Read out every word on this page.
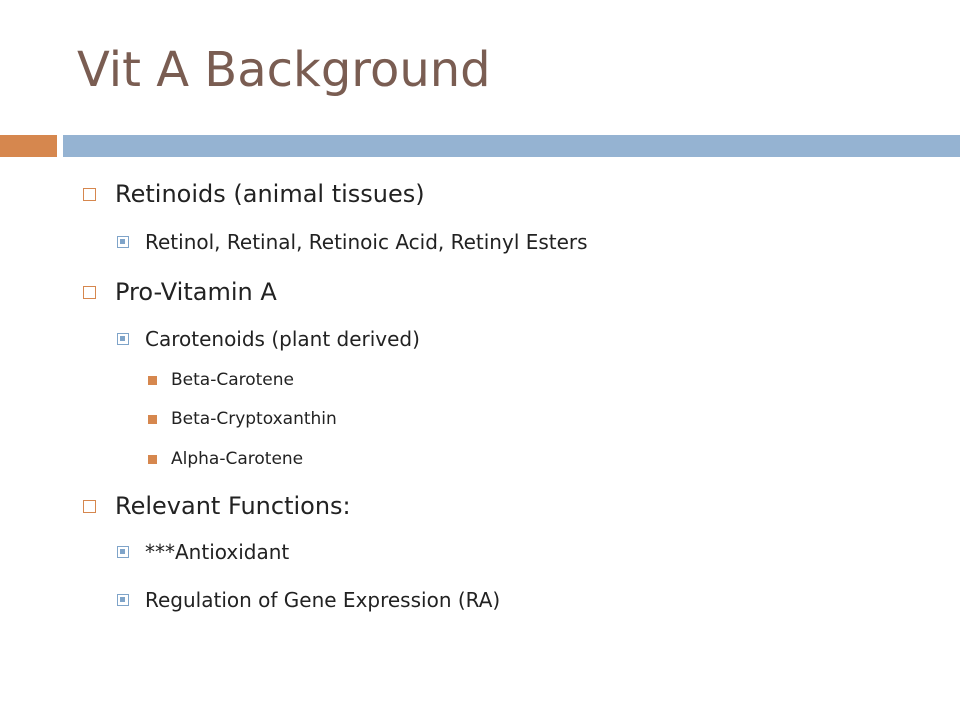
Vit A Background
Retinoids (animal tissues)
Retinol, Retinal, Retinoic Acid, Retinyl Esters
Pro-Vitamin A
Carotenoids (plant derived)
Beta-Carotene
Beta-Cryptoxanthin
Alpha-Carotene
Relevant Functions:
***Antioxidant
Regulation of Gene Expression (RA)
